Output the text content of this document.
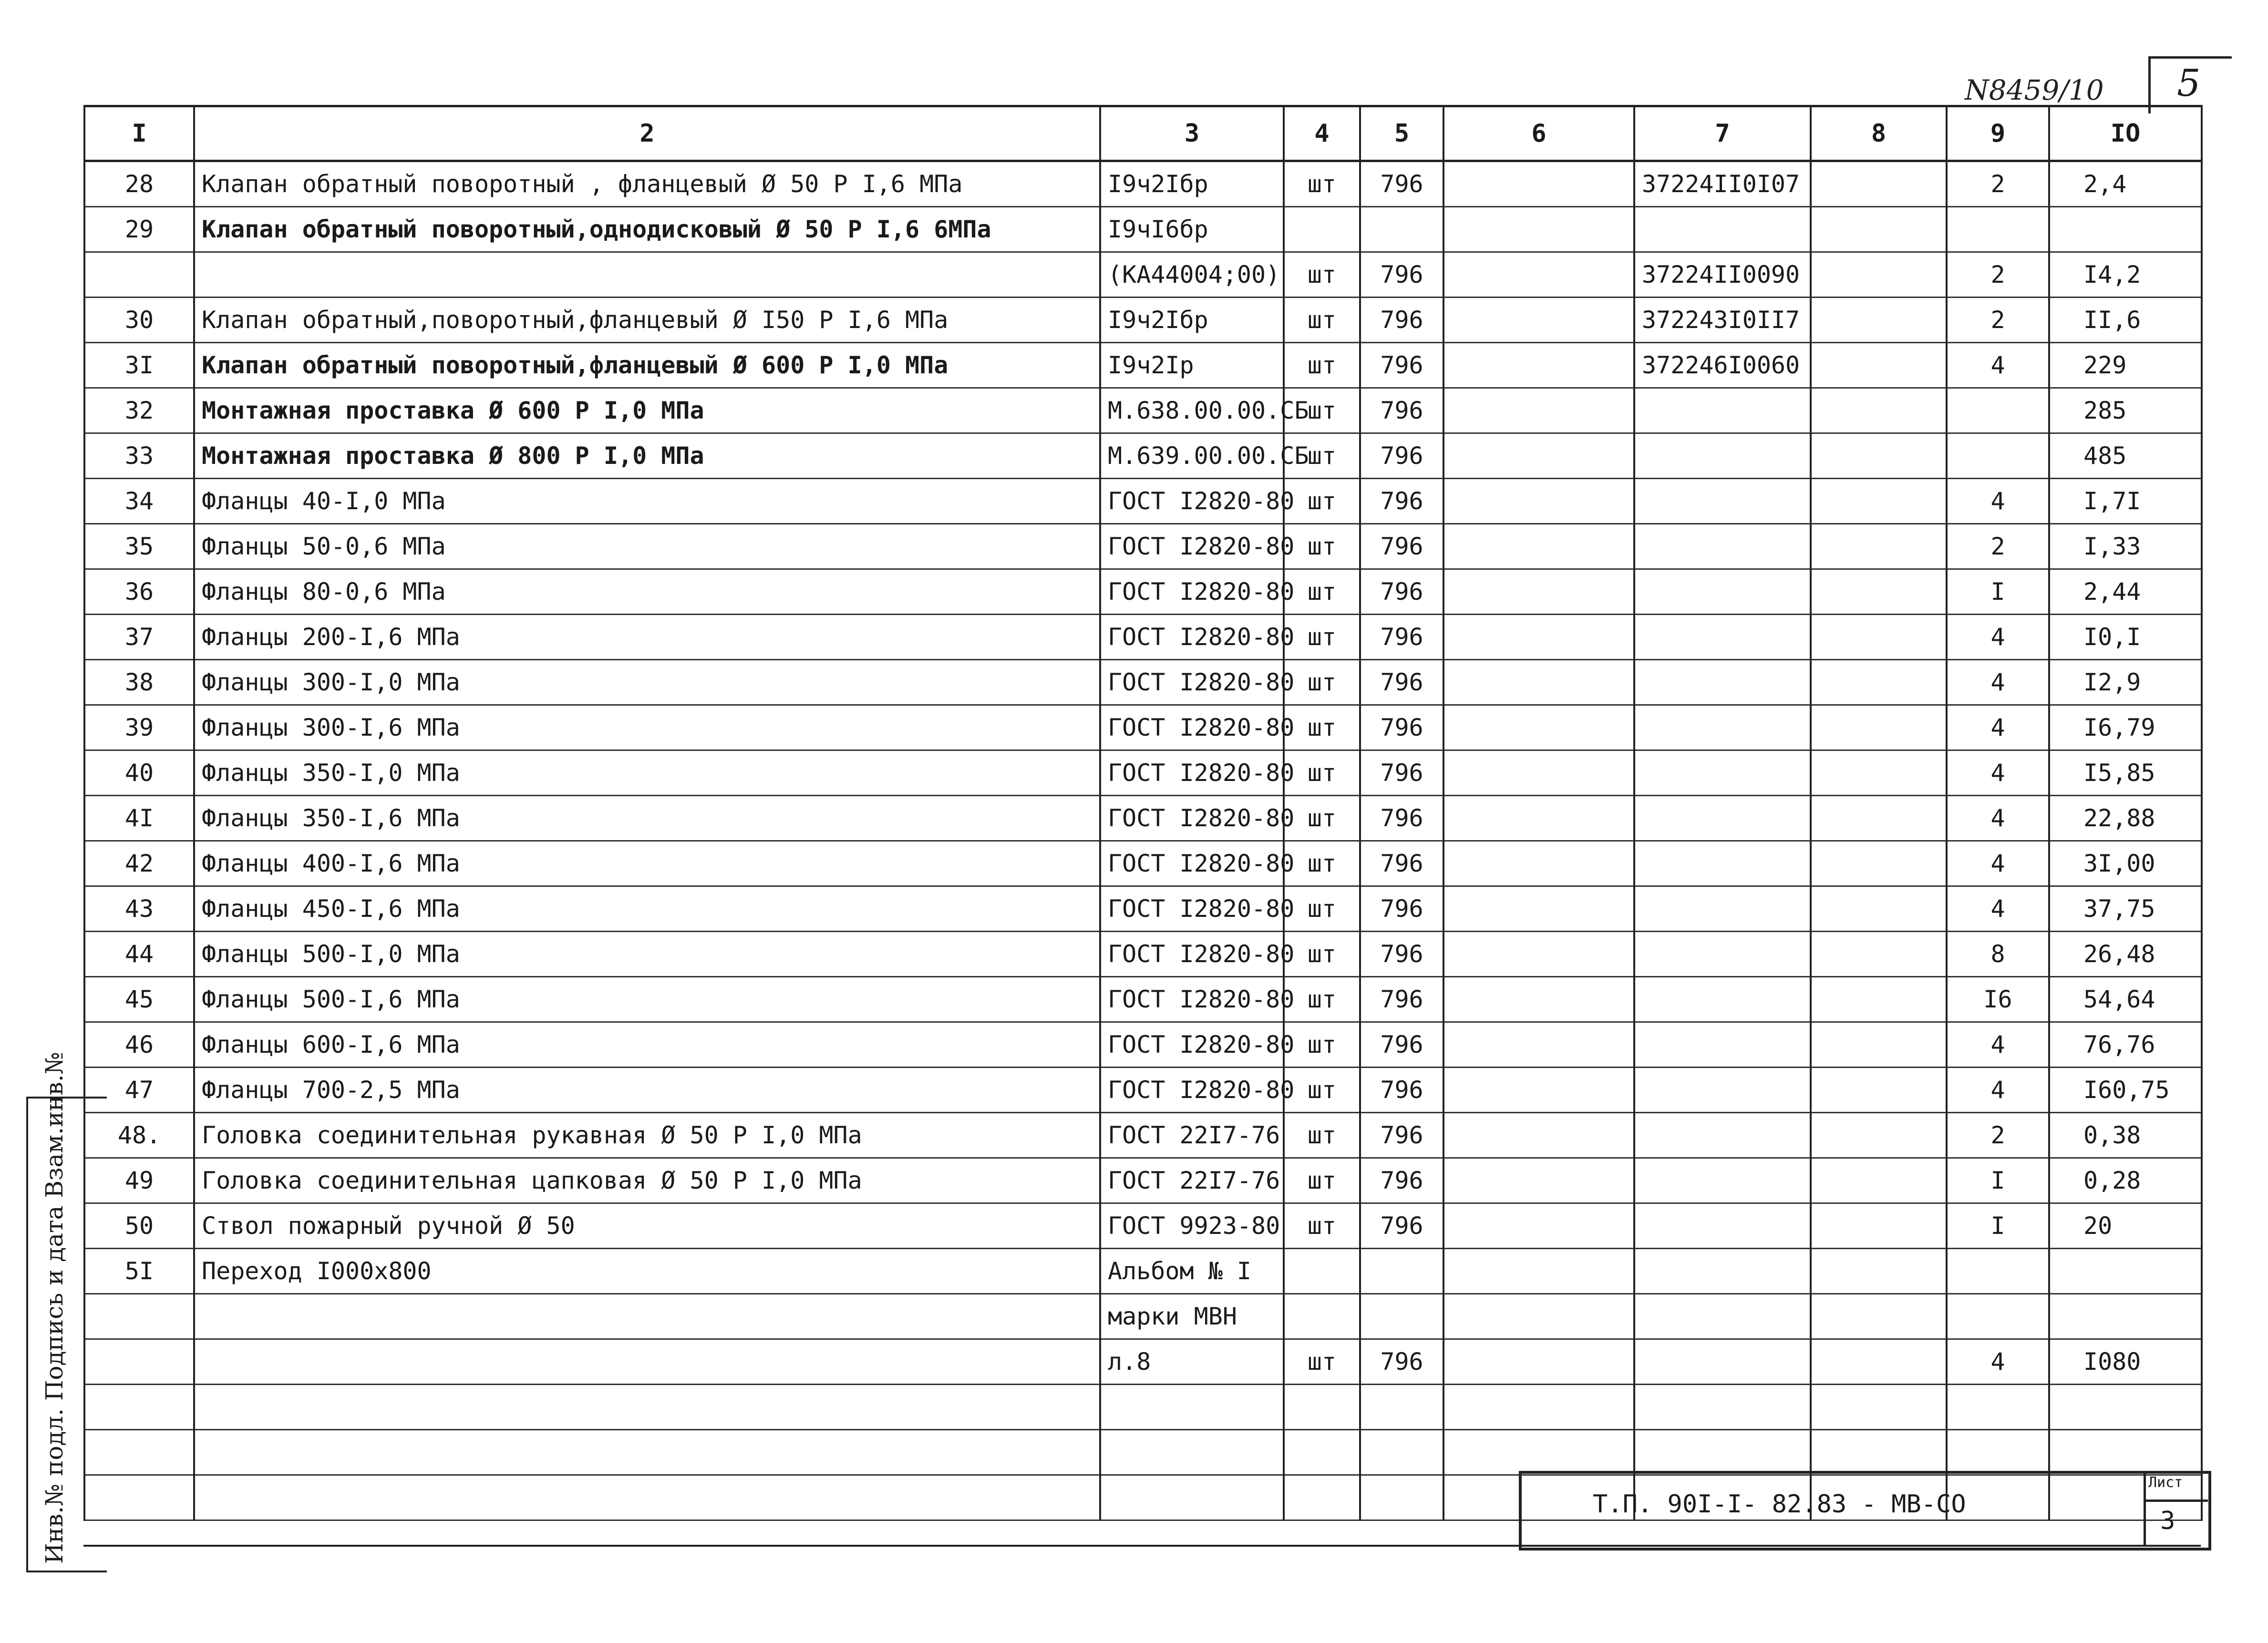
N8459/10 5
I	2	3	4	5	6	7	8	9	IO
28	Клапан обратный поворотный , фланцевый Ø 50 Р I,6 МПа	I9ч2Iбр	шт	796		37224II0I07		2	2,4
29	Клапан обратный поворотный,однодисковый Ø 50 Р I,6 6МПа	I9чI6бр							
		(КА44004;00)	шт	796		37224II0090		2	I4,2
30	Клапан обратный,поворотный,фланцевый Ø I50 Р I,6 МПа	I9ч2Iбр	шт	796		372243I0II7		2	II,6
3I	Клапан обратный поворотный,фланцевый Ø 600 Р I,0 МПа	I9ч2Iр	шт	796		372246I0060		4	229
32	Монтажная проставка Ø 600 Р I,0 МПа	М.638.00.00.СБ	шт	796					285
33	Монтажная проставка Ø 800 Р I,0 МПа	М.639.00.00.СБ	шт	796					485
34	Фланцы 40-I,0 МПа	ГОСТ I2820-80	шт	796				4	I,7I
35	Фланцы 50-0,6 МПа	ГОСТ I2820-80	шт	796				2	I,33
36	Фланцы 80-0,6 МПа	ГОСТ I2820-80	шт	796				I	2,44
37	Фланцы 200-I,6 МПа	ГОСТ I2820-80	шт	796				4	I0,I
38	Фланцы 300-I,0 МПа	ГОСТ I2820-80	шт	796				4	I2,9
39	Фланцы 300-I,6 МПа	ГОСТ I2820-80	шт	796				4	I6,79
40	Фланцы 350-I,0 МПа	ГОСТ I2820-80	шт	796				4	I5,85
4I	Фланцы 350-I,6 МПа	ГОСТ I2820-80	шт	796				4	22,88
42	Фланцы 400-I,6 МПа	ГОСТ I2820-80	шт	796				4	3I,00
43	Фланцы 450-I,6 МПа	ГОСТ I2820-80	шт	796				4	37,75
44	Фланцы 500-I,0 МПа	ГОСТ I2820-80	шт	796				8	26,48
45	Фланцы 500-I,6 МПа	ГОСТ I2820-80	шт	796				I6	54,64
46	Фланцы 600-I,6 МПа	ГОСТ I2820-80	шт	796				4	76,76
47	Фланцы 700-2,5 МПа	ГОСТ I2820-80	шт	796				4	I60,75
48.	Головка соединительная рукавная Ø 50 Р I,0 МПа	ГОСТ 22I7-76	шт	796				2	0,38
49	Головка соединительная цапковая Ø 50 Р I,0 МПа	ГОСТ 22I7-76	шт	796				I	0,28
50	Ствол пожарный ручной Ø 50	ГОСТ 9923-80	шт	796				I	20
5I	Переход I000х800	Альбом № I							
		марки МВН							
		л.8	шт	796				4	I080

Инв.№ подл. Подпись и дата Взам.инв.№	Т.П. 90I-I- 82.83 - МВ-СО
Лист
3
